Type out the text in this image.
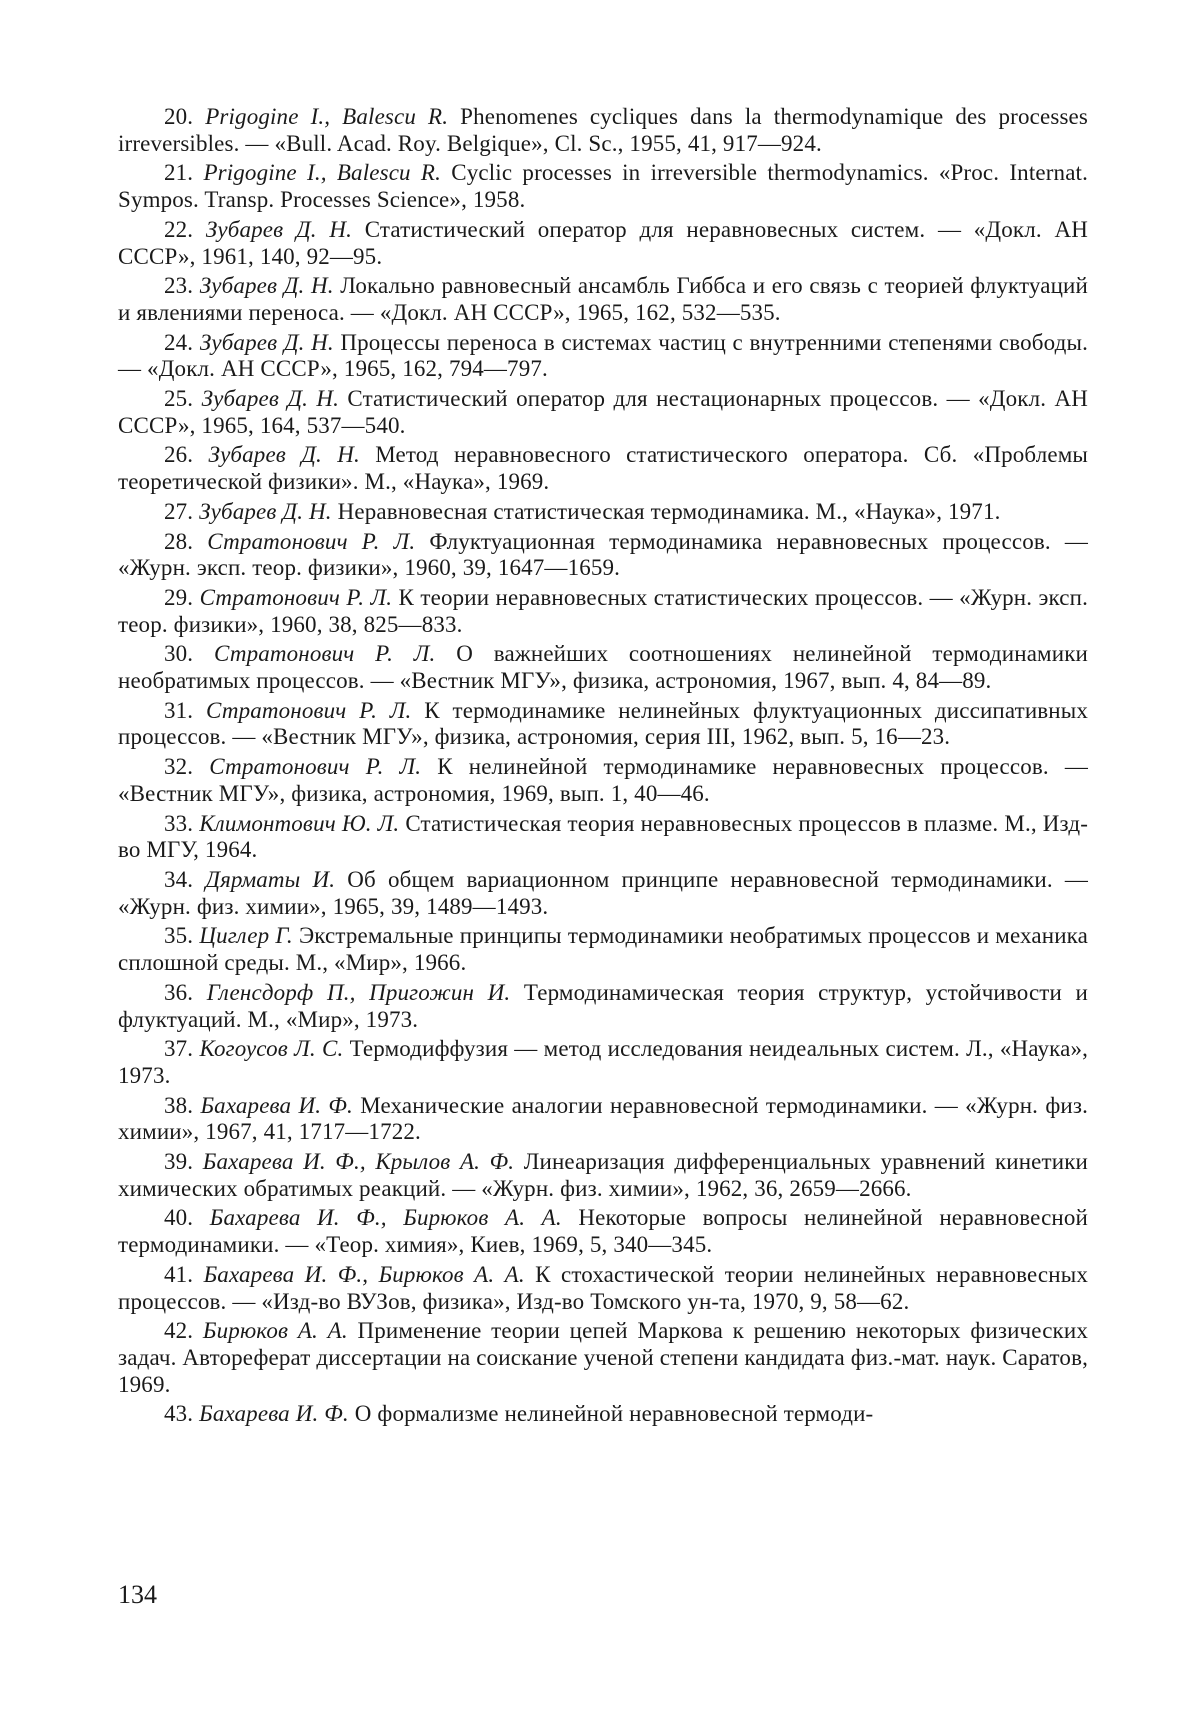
20. Prigogine I., Balescu R. Phenomenes cycliques dans la thermodynamique des processes irreversibles. — «Bull. Acad. Roy. Belgique», Cl. Sc., 1955, 41, 917—924.

21. Prigogine I., Balescu R. Cyclic processes in irreversible thermodynamics. «Proc. Internat. Sympos. Transp. Processes Science», 1958.

22. Зубарев Д. Н. Статистический оператор для неравновесных систем. — «Докл. АН СССР», 1961, 140, 92—95.

23. Зубарев Д. Н. Локально равновесный ансамбль Гиббса и его связь с теорией флуктуаций и явлениями переноса. — «Докл. АН СССР», 1965, 162, 532—535.

24. Зубарев Д. Н. Процессы переноса в системах частиц с внутренними степенями свободы. — «Докл. АН СССР», 1965, 162, 794—797.

25. Зубарев Д. Н. Статистический оператор для нестационарных процессов. — «Докл. АН СССР», 1965, 164, 537—540.

26. Зубарев Д. Н. Метод неравновесного статистического оператора. Сб. «Проблемы теоретической физики». М., «Наука», 1969.

27. Зубарев Д. Н. Неравновесная статистическая термодинамика. М., «Наука», 1971.

28. Стратонович Р. Л. Флуктуационная термодинамика неравновесных процессов. — «Журн. эксп. теор. физики», 1960, 39, 1647—1659.

29. Стратонович Р. Л. К теории неравновесных статистических процессов. — «Журн. эксп. теор. физики», 1960, 38, 825—833.

30. Стратонович Р. Л. О важнейших соотношениях нелинейной термодинамики необратимых процессов. — «Вестник МГУ», физика, астрономия, 1967, вып. 4, 84—89.

31. Стратонович Р. Л. К термодинамике нелинейных флуктуационных диссипативных процессов. — «Вестник МГУ», физика, астрономия, серия III, 1962, вып. 5, 16—23.

32. Стратонович Р. Л. К нелинейной термодинамике неравновесных процессов. — «Вестник МГУ», физика, астрономия, 1969, вып. 1, 40—46.

33. Климонтович Ю. Л. Статистическая теория неравновесных процессов в плазме. М., Изд-во МГУ, 1964.

34. Дярматы И. Об общем вариационном принципе неравновесной термодинамики. — «Журн. физ. химии», 1965, 39, 1489—1493.

35. Циглер Г. Экстремальные принципы термодинамики необратимых процессов и механика сплошной среды. М., «Мир», 1966.

36. Гленсдорф П., Пригожин И. Термодинамическая теория структур, устойчивости и флуктуаций. М., «Мир», 1973.

37. Когоусов Л. С. Термодиффузия — метод исследования неидеальных систем. Л., «Наука», 1973.

38. Бахарева И. Ф. Механические аналогии неравновесной термодинамики. — «Журн. физ. химии», 1967, 41, 1717—1722.

39. Бахарева И. Ф., Крылов А. Ф. Линеаризация дифференциальных уравнений кинетики химических обратимых реакций. — «Журн. физ. химии», 1962, 36, 2659—2666.

40. Бахарева И. Ф., Бирюков А. А. Некоторые вопросы нелинейной неравновесной термодинамики. — «Теор. химия», Киев, 1969, 5, 340—345.

41. Бахарева И. Ф., Бирюков А. А. К стохастической теории нелинейных неравновесных процессов. — «Изд-во ВУЗов, физика», Изд-во Томского ун-та, 1970, 9, 58—62.

42. Бирюков А. А. Применение теории цепей Маркова к решению некоторых физических задач. Автореферат диссертации на соискание ученой степени кандидата физ.-мат. наук. Саратов, 1969.

43. Бахарева И. Ф. О формализме нелинейной неравновесной термоди-

134
